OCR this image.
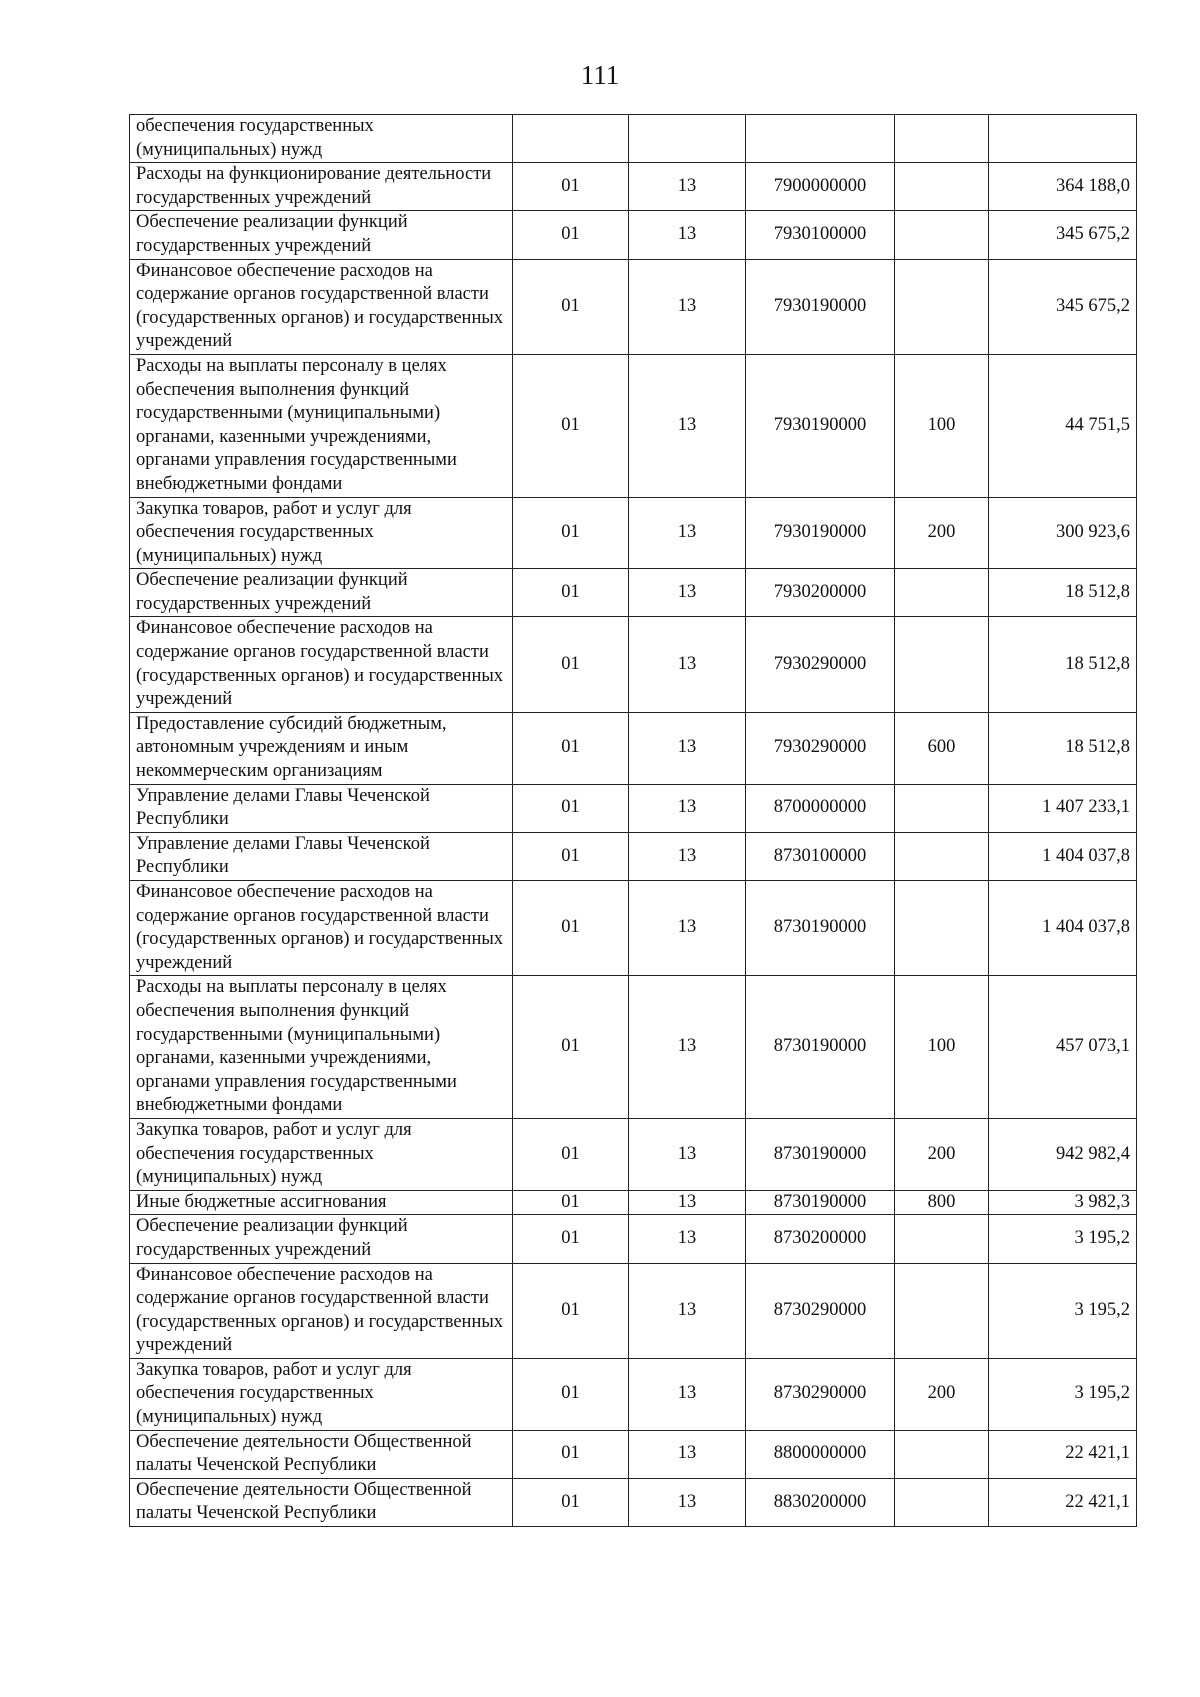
111
обеспечения государственных (муниципальных) нужд					
Расходы на функционирование деятельности государственных учреждений	01	13	7900000000		364 188,0
Обеспечение реализации функций государственных учреждений	01	13	7930100000		345 675,2
Финансовое обеспечение расходов на содержание органов государственной власти (государственных органов) и государственных учреждений	01	13	7930190000		345 675,2
Расходы на выплаты персоналу в целях обеспечения выполнения функций государственными (муниципальными) органами, казенными учреждениями, органами управления государственными внебюджетными фондами	01	13	7930190000	100	44 751,5
Закупка товаров, работ и услуг для обеспечения государственных (муниципальных) нужд	01	13	7930190000	200	300 923,6
Обеспечение реализации функций государственных учреждений	01	13	7930200000		18 512,8
Финансовое обеспечение расходов на содержание органов государственной власти (государственных органов) и государственных учреждений	01	13	7930290000		18 512,8
Предоставление субсидий бюджетным, автономным учреждениям и иным некоммерческим организациям	01	13	7930290000	600	18 512,8
Управление делами Главы Чеченской Республики	01	13	8700000000		1 407 233,1
Управление делами Главы Чеченской Республики	01	13	8730100000		1 404 037,8
Финансовое обеспечение расходов на содержание органов государственной власти (государственных органов) и государственных учреждений	01	13	8730190000		1 404 037,8
Расходы на выплаты персоналу в целях обеспечения выполнения функций государственными (муниципальными) органами, казенными учреждениями, органами управления государственными внебюджетными фондами	01	13	8730190000	100	457 073,1
Закупка товаров, работ и услуг для обеспечения государственных (муниципальных) нужд	01	13	8730190000	200	942 982,4
Иные бюджетные ассигнования	01	13	8730190000	800	3 982,3
Обеспечение реализации функций государственных учреждений	01	13	8730200000		3 195,2
Финансовое обеспечение расходов на содержание органов государственной власти (государственных органов) и государственных учреждений	01	13	8730290000		3 195,2
Закупка товаров, работ и услуг для обеспечения государственных (муниципальных) нужд	01	13	8730290000	200	3 195,2
Обеспечение деятельности Общественной палаты Чеченской Республики	01	13	8800000000		22 421,1
Обеспечение деятельности Общественной палаты Чеченской Республики	01	13	8830200000		22 421,1
